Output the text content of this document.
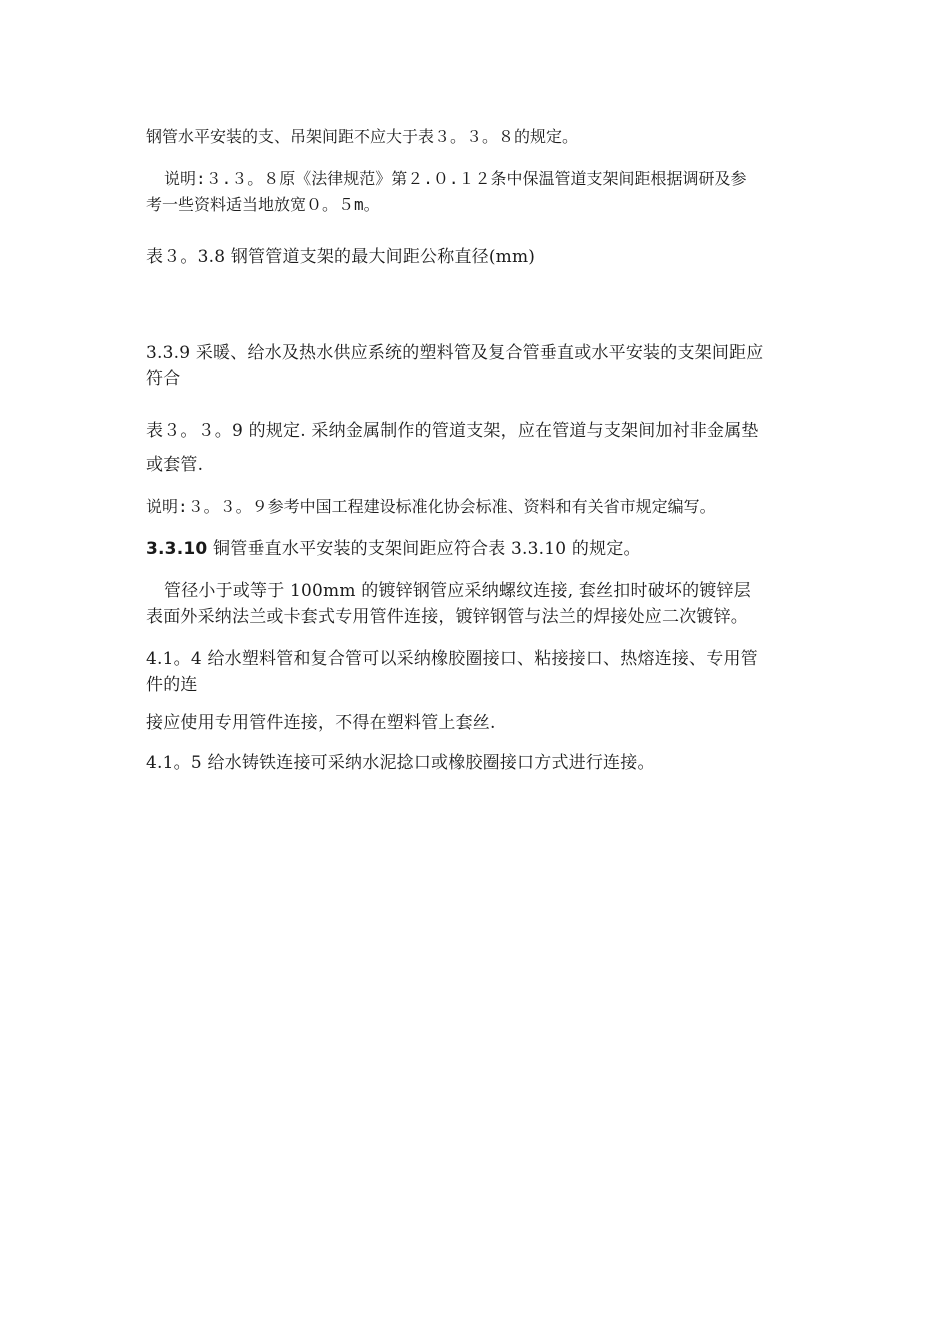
钢管水平安装的支、吊架间距不应大于表３。３。８的规定。
说明:３.３。８原《法律规范》第２.０.１２条中保温管道支架间距根据调研及参
考一些资料适当地放宽０。５m。
表３。3.8 钢管管道支架的最大间距公称直径(mm)
3.3.9 采暖、给水及热水供应系统的塑料管及复合管垂直或水平安装的支架间距应
符合
表３。３。9 的规定. 采纳金属制作的管道支架，应在管道与支架间加衬非金属垫
或套管.
说明:３。３。９参考中国工程建设标准化协会标准、资料和有关省市规定编写。
3.3.10 铜管垂直水平安装的支架间距应符合表 3.3.10 的规定。
管径小于或等于 100mm 的镀锌钢管应采纳螺纹连接, 套丝扣时破坏的镀锌层
表面外采纳法兰或卡套式专用管件连接，镀锌钢管与法兰的焊接处应二次镀锌。
4.1。4 给水塑料管和复合管可以采纳橡胶圈接口、粘接接口、热熔连接、专用管
件的连
接应使用专用管件连接，不得在塑料管上套丝.
4.1。5 给水铸铁连接可采纳水泥捻口或橡胶圈接口方式进行连接。
